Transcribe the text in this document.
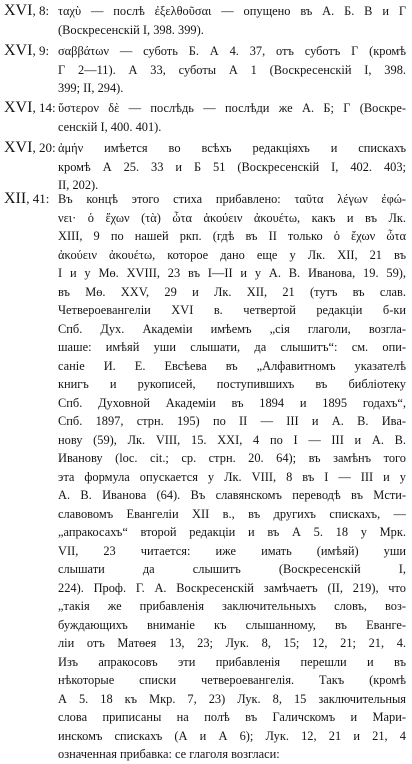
XVI, 8: ταχὺ — послѣ ἐξελθοῦσαι — опущено въ А. Б. В и Г
(Воскресенскій І, 398. 399).
XVI, 9: σαββάτων — суботь Б. А 4. 37, отъ суботъ Г (кромѣ
Г 2—11). А 33, суботы А 1 (Воскресенскій І, 398.
399; II, 294).
XVI, 14: ὕστερον δὲ — послѣдь — послѣди же А. Б; Г (Воскре-
сенскій І, 400. 401).
XVI, 20: ἀμήν имѣется во всѣхъ редакціяхъ и спискахъ
кромѣ А 25. 33 и Б 51 (Воскресенскій І, 402. 403;
II, 202).
XII, 41: Въ концѣ этого стиха прибавлено: ταῦτα λέγων ἐφώ-
νει· ὁ ἔχων (τὰ) ὦτα ἀκούειν ἀκουέτω, какъ и въ Лк.
XIII, 9 по нашей ркп. (гдѣ въ II только ὁ ἔχων ὦτα
ἀκούειν ἀκουέτω, которое дано еще у Лк. XII, 21 въ
I и у Мө. XVIII, 23 въ I—II и у А. В. Иванова, 19. 59),
въ Мө. XXV, 29 и Лк. XII, 21 (тутъ въ слав.
Четвероевангеліи XVI в. четвертой редакціи б-ки
Спб. Дух. Академіи имѣемъ „сія глаголи, возгла-
шаше: имѣяй уши слышати, да слышитъ“: см. опи-
саніе И. Е. Евсѣева въ „Алфавитномъ указателѣ
книгъ и рукописей, поступившихъ въ библіотеку
Спб. Духовной Академіи въ 1894 и 1895 годахъ“,
Спб. 1897, стрн. 195) по II — III и А. В. Ива-
нову (59), Лк. VIII, 15. XXI, 4 по I — III и А. В.
Иванову (loc. cit.; ср. стрн. 20. 64); въ замѣнъ того
эта формула опускается у Лк. VIII, 8 въ I — III и у
А. В. Иванова (64). Въ славянскомъ переводѣ въ Мсти-
славовомъ Евангеліи XII в., въ другихъ спискахъ, —
„апракосахъ“ второй редакціи и въ А 5. 18 у Мрк.
VII, 23 читается: иже имать (имѣяй) уши
слышати да слышитъ (Воскресенскій I,
224). Проф. Г. А. Воскресенскій замѣчаетъ (II, 219), что
„такія же прибавленія заключительныхъ словъ, воз-
буждающихъ вниманіе къ слышанному, въ Еванге-
ліи отъ Матөея 13, 23; Лук. 8, 15; 12, 21; 21, 4.
Изъ апракосовъ эти прибавленія перешли и въ
нѣкоторые списки четвероевангелія. Такъ (кромѣ
А 5. 18 къ Мкр. 7, 23) Лук. 8, 15 заключительныя
слова приписаны на полѣ въ Галичскомъ и Мари-
инскомъ спискахъ (А и А 6); Лук. 12, 21 и 21, 4
означенная прибавка: се глаголя возгласи:
